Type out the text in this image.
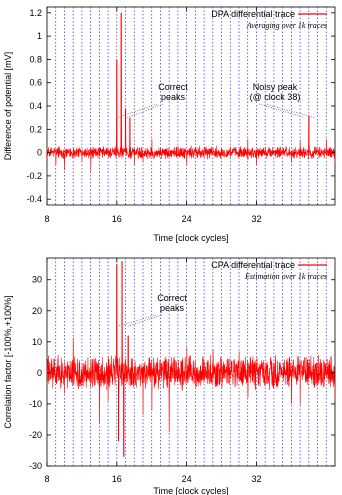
Correct
peaks
Noisy peak
(@ clock 38)
DPA differential trace
Averaging over 1k traces
8	16	24	32
-0.4
-0.2
0
0.2
0.4
0.6
0.8
1
1.2
Time [clock cycles]
Difference of potential [mV]
Correct
peaks
CPA differential trace
Estimation over 1k traces
8	16	24	32
-30
-20
-10
0
10
20
30
Time [clock cycles]
Correlation factor [-100%,+100%]
